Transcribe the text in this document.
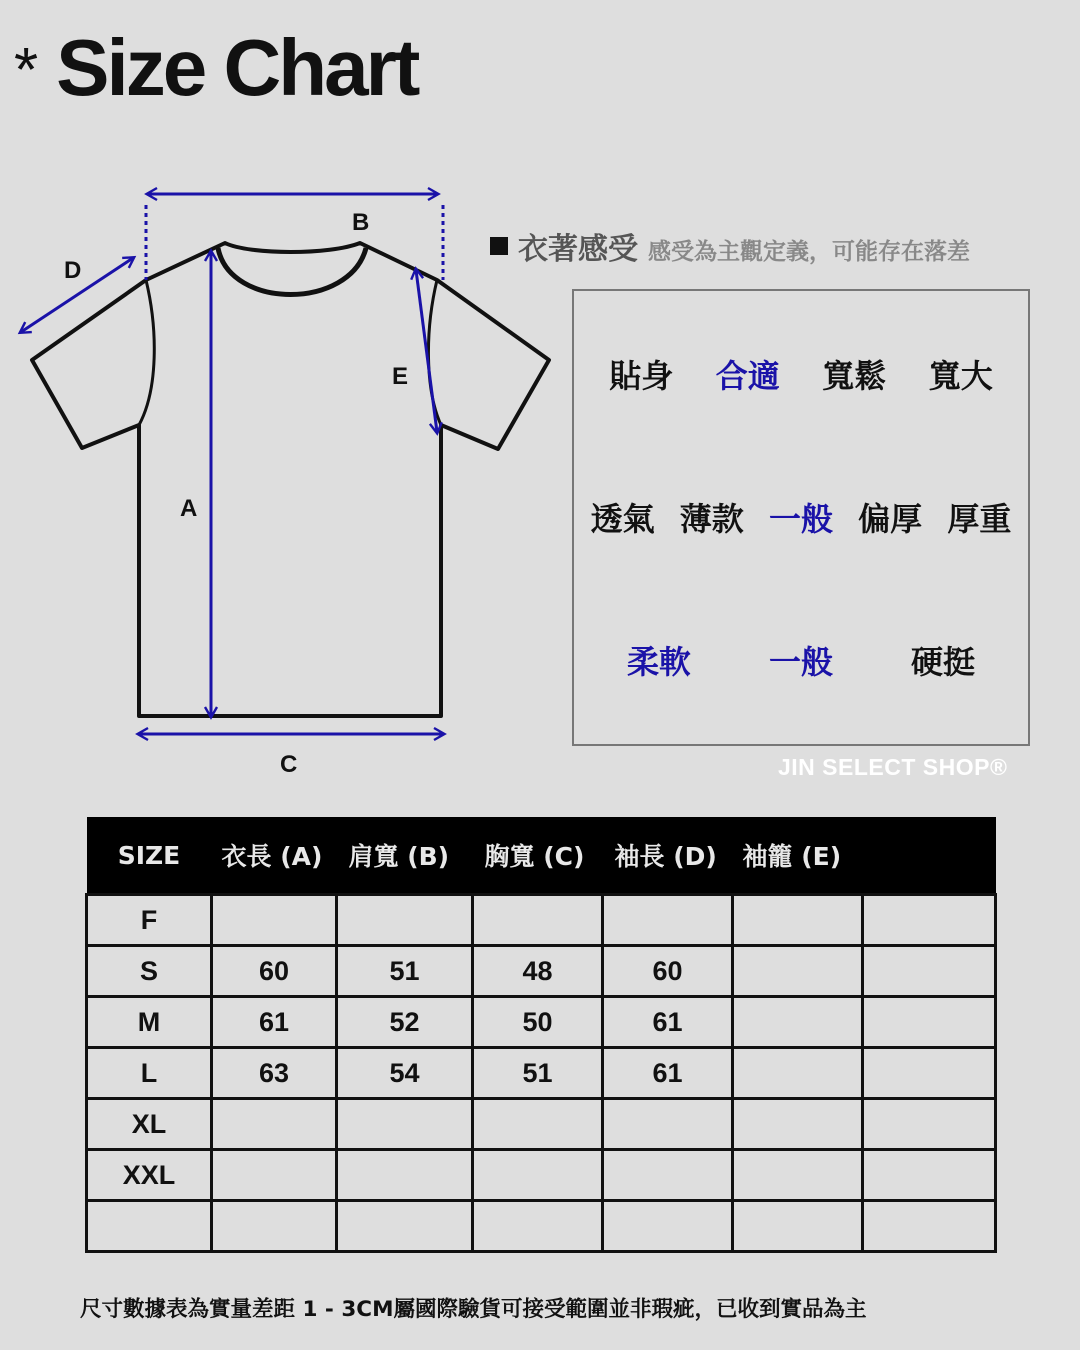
* Size Chart
A
B
C
D
E
衣著感受 感受為主觀定義，可能存在落差
貼身 合適 寬鬆 寬大
透氣 薄款 一般 偏厚 厚重
柔軟 一般 硬挺
JIN SELECT SHOP®
SIZE	衣長 (A)	肩寬 (B)	胸寬 (C)	袖長 (D)	袖籠 (E)	
F						
S	60	51	48	60		
M	61	52	50	61		
L	63	54	51	61		
XL						
XXL						

尺寸數據表為實量差距 1 - 3CM屬國際驗貨可接受範圍並非瑕疵，已收到實品為主
